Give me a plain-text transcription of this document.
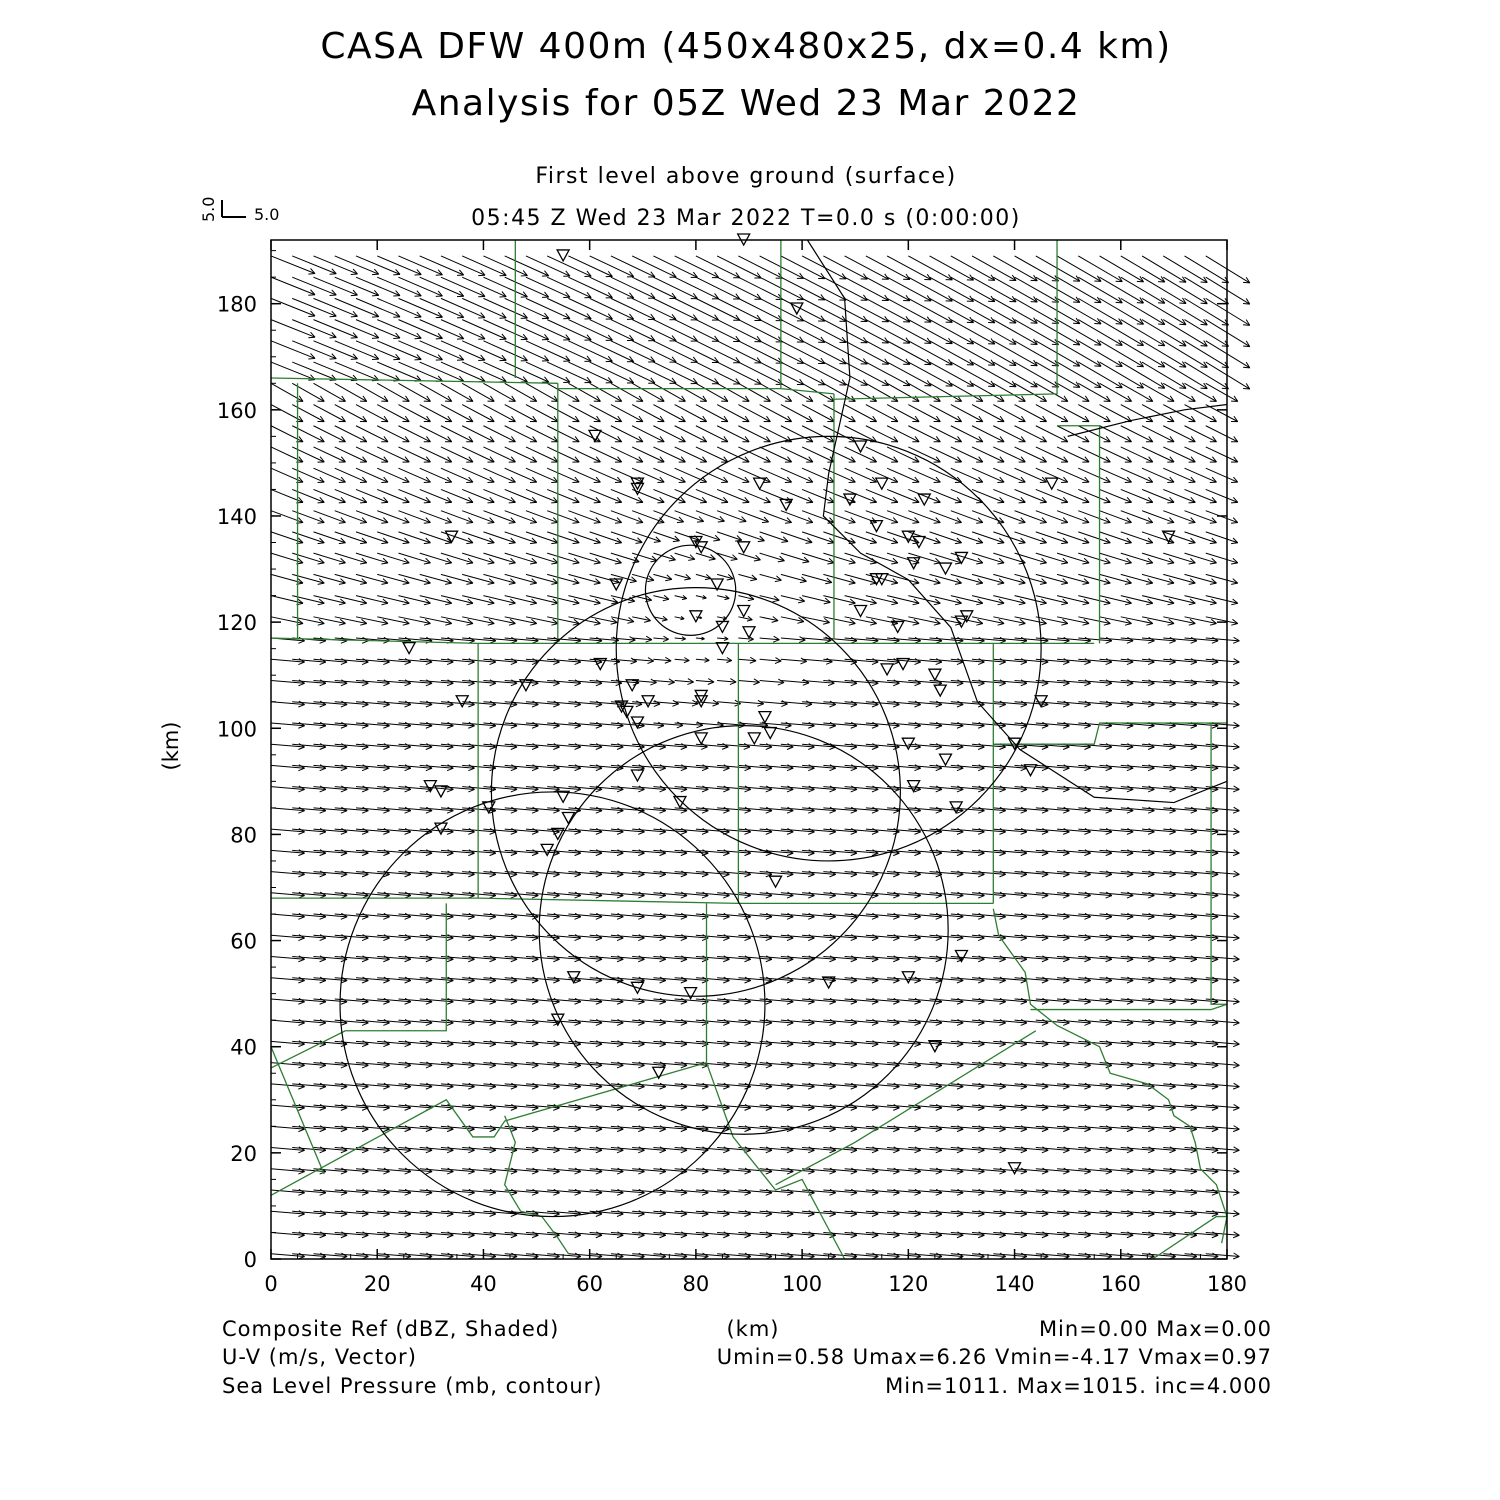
CASA DFW 400m (450x480x25, dx=0.4 km)
Analysis for 05Z Wed 23 Mar 2022
First level above ground (surface)
05:45 Z Wed 23 Mar 2022 T=0.0 s (0:00:00)
5.0 5.0
0	20	40	60	80	100	120	140	160	180
0
20
40
60
80
100
120
140
160
180
(km)
Composite Ref (dBZ, Shaded)
U-V (m/s, Vector)
Sea Level Pressure (mb, contour)
(km)	Min=0.00 Max=0.00
Umin=0.58 Umax=6.26 Vmin=-4.17 Vmax=0.97
Min=1011. Max=1015. inc=4.000
